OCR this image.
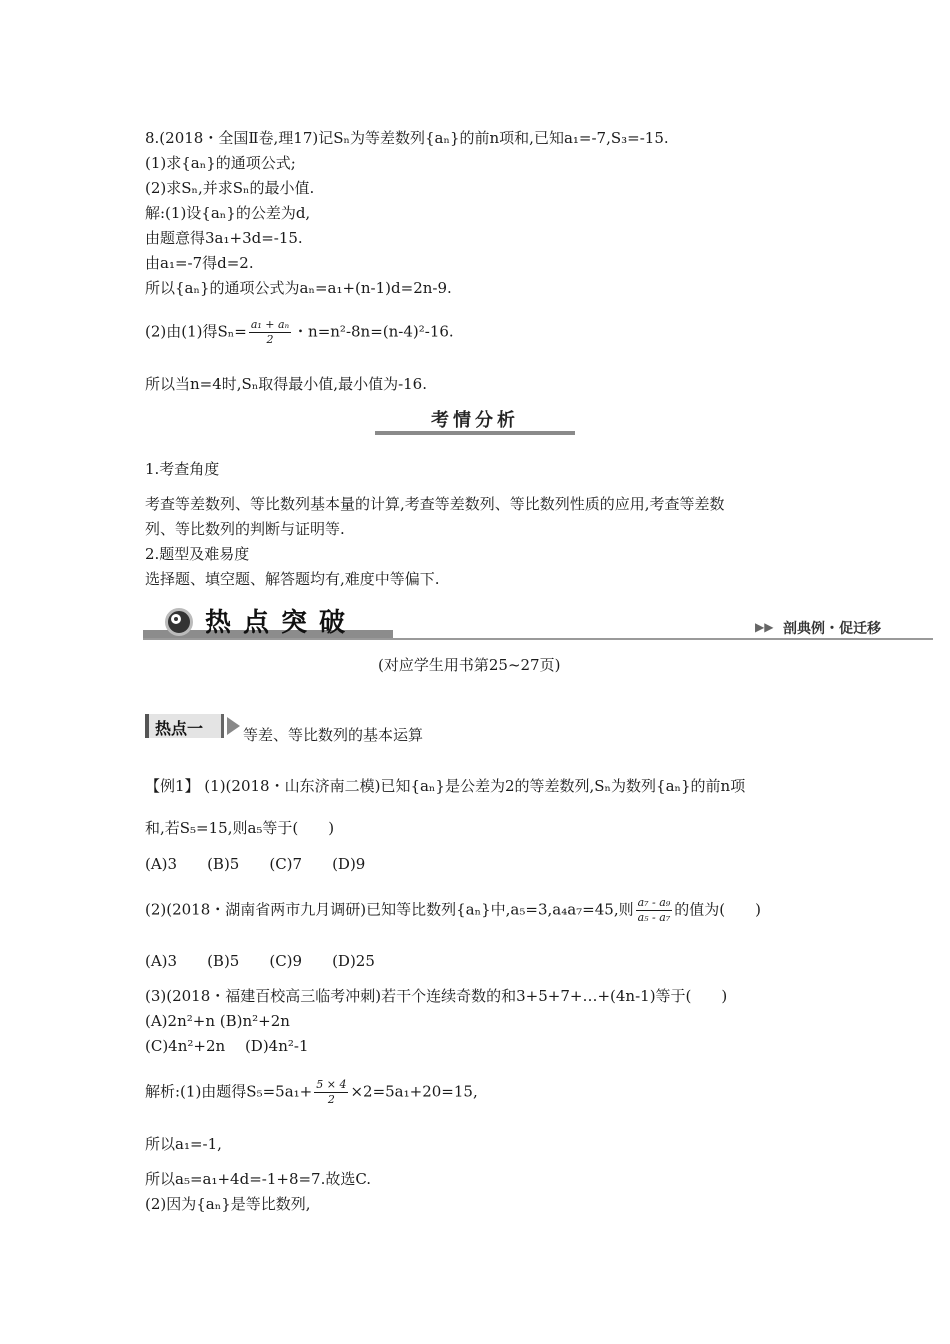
8.(2018・全国Ⅱ卷,理17)记Sₙ为等差数列{aₙ}的前n项和,已知a₁=-7,S₃=-15.
(1)求{aₙ}的通项公式;
(2)求Sₙ,并求Sₙ的最小值.
解:(1)设{aₙ}的公差为d,
由题意得3a₁+3d=-15.
由a₁=-7得d=2.
所以{aₙ}的通项公式为aₙ=a₁+(n-1)d=2n-9.
(2)由(1)得$S_n= \frac{\text{a₁ + aₙ}}{2}$ ・n=n²-8n=(n-4)²-16.
所以当n=4时,Sₙ取得最小值,最小值为-16.
考情分析
1.考查角度
考查等差数列、等比数列基本量的计算,考查等差数列、等比数列性质的应用,考查等差数
列、等比数列的判断与证明等.
2.题型及难易度
选择题、填空题、解答题均有,难度中等偏下.
热点突破	▶▶ 剖典例・促迁移
(对应学生用书第25~27页)
热点一	等差、等比数列的基本运算
【例1】 (1)(2018・山东济南二模)已知{aₙ}是公差为2的等差数列,Sₙ为数列{aₙ}的前n项
和,若S₅=15,则a₅等于(　　)
(A)3　　(B)5　　(C)7　　(D)9
(2)(2018・湖南省两市九月调研)已知等比数列{aₙ}中,a₅=3,a₄a₇=45,则 $\frac{\text{a₇ - a₉}}{\text{a₅ - a₇}}$ 的值为(　　)
(A)3　　(B)5　　(C)9　　(D)25
(3)(2018・福建百校高三临考冲刺)若干个连续奇数的和3+5+7+…+(4n-1)等于(　　)
(A)2n²+n (B)n²+2n
(C)4n²+2n　 (D)4n²-1
解析:(1)由题得$S_5=5a_1+ \frac{5 \times 4}{2} \times 2=5a_1+20=15$,
所以a₁=-1,
所以a₅=a₁+4d=-1+8=7.故选C.
(2)因为{aₙ}是等比数列,
